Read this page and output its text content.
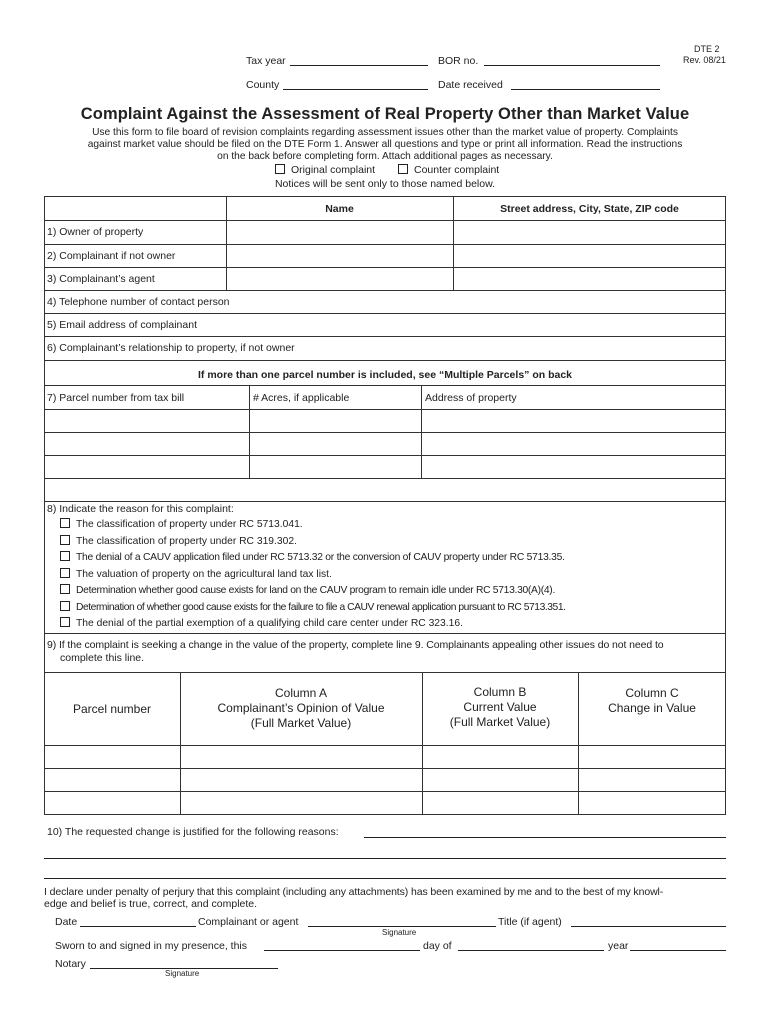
DTE 2
Rev. 08/21
Tax year	BOR no.
County	Date received
Complaint Against the Assessment of Real Property Other than Market Value
Use this form to file board of revision complaints regarding assessment issues other than the market value of property. Complaints
against market value should be filed on the DTE Form 1. Answer all questions and type or print all information. Read the instructions
on the back before completing form. Attach additional pages as necessary.
Original complaint	Counter complaint
Notices will be sent only to those named below.
Name	Street address, City, State, ZIP code
1) Owner of property
2) Complainant if not owner
3) Complainant’s agent
4) Telephone number of contact person
5) Email address of complainant
6) Complainant’s relationship to property, if not owner
If more than one parcel number is included, see “Multiple Parcels” on back
7) Parcel number from tax bill	# Acres, if applicable	Address of property
8) Indicate the reason for this complaint:
The classification of property under RC 5713.041.
The classification of property under RC 319.302.
The denial of a CAUV application filed under RC 5713.32 or the conversion of CAUV property under RC 5713.35.
The valuation of property on the agricultural land tax list.
Determination whether good cause exists for land on the CAUV program to remain idle under RC 5713.30(A)(4).
Determination of whether good cause exists for the failure to file a CAUV renewal application pursuant to RC 5713.351.
The denial of the partial exemption of a qualifying child care center under RC 323.16.
9) If the complaint is seeking a change in the value of the property, complete line 9. Complainants appealing other issues do not need to
complete this line.
Parcel number
Column A
Complainant’s Opinion of Value
(Full Market Value)
Column B
Current Value
(Full Market Value)
Column C
Change in Value
10) The requested change is justified for the following reasons:
I declare under penalty of perjury that this complaint (including any attachments) has been examined by me and to the best of my knowl-
edge and belief is true, correct, and complete.
Date	Complainant or agent
Signature
Title (if agent)
Sworn to and signed in my presence, this	day of	year
Notary
Signature
